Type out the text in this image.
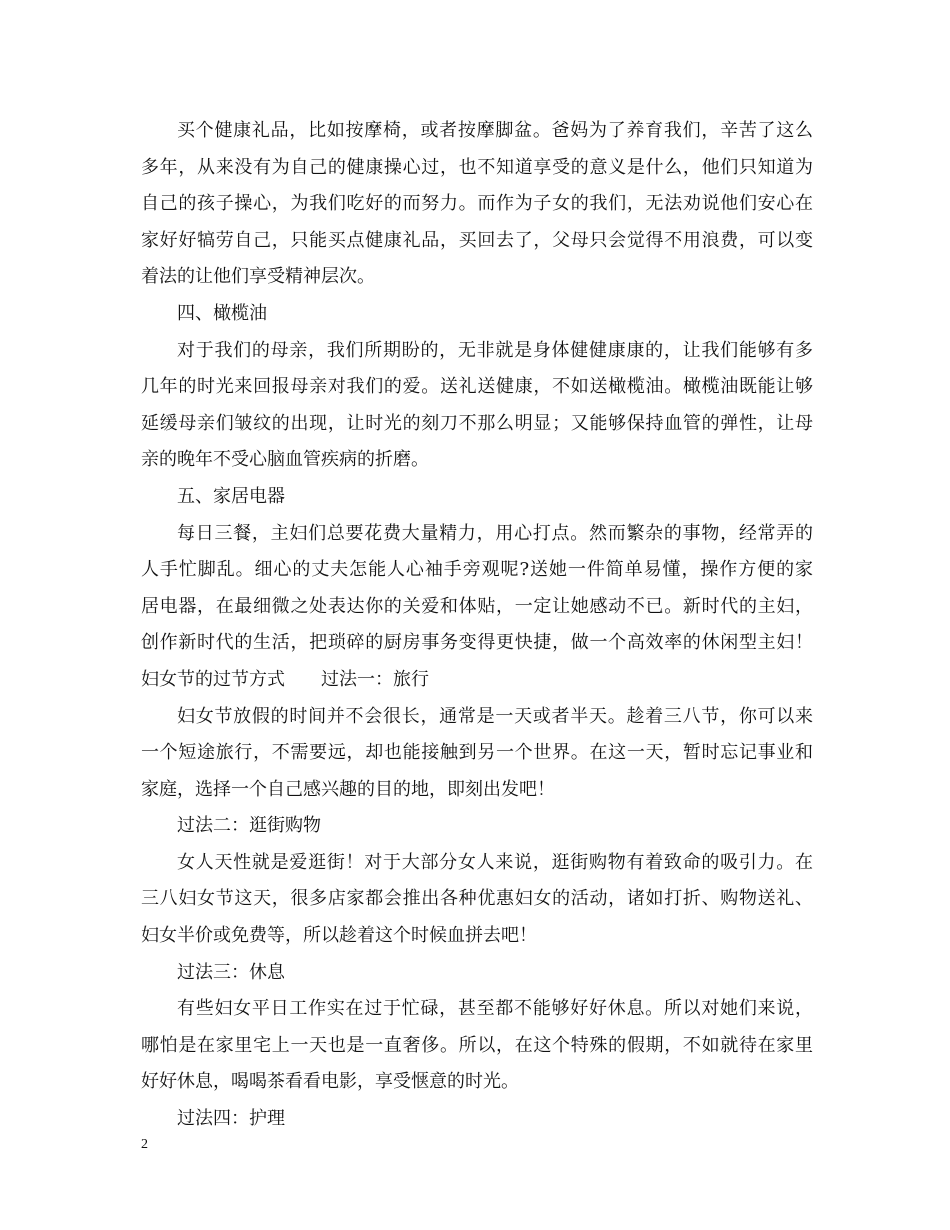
买个健康礼品，比如按摩椅，或者按摩脚盆。爸妈为了养育我们，辛苦了这么
多年，从来没有为自己的健康操心过，也不知道享受的意义是什么，他们只知道为
自己的孩子操心，为我们吃好的而努力。而作为子女的我们，无法劝说他们安心在
家好好犒劳自己，只能买点健康礼品，买回去了，父母只会觉得不用浪费，可以变
着法的让他们享受精神层次。
四、橄榄油
对于我们的母亲，我们所期盼的，无非就是身体健健康康的，让我们能够有多
几年的时光来回报母亲对我们的爱。送礼送健康，不如送橄榄油。橄榄油既能让够
延缓母亲们皱纹的出现，让时光的刻刀不那么明显；又能够保持血管的弹性，让母
亲的晚年不受心脑血管疾病的折磨。
五、家居电器
每日三餐，主妇们总要花费大量精力，用心打点。然而繁杂的事物，经常弄的
人手忙脚乱。细心的丈夫怎能人心袖手旁观呢?送她一件简单易懂，操作方便的家
居电器，在最细微之处表达你的关爱和体贴，一定让她感动不已。新时代的主妇，
创作新时代的生活，把琐碎的厨房事务变得更快捷，做一个高效率的休闲型主妇！
妇女节的过节方式 过法一：旅行
妇女节放假的时间并不会很长，通常是一天或者半天。趁着三八节，你可以来
一个短途旅行，不需要远，却也能接触到另一个世界。在这一天，暂时忘记事业和
家庭，选择一个自己感兴趣的目的地，即刻出发吧！
过法二：逛街购物
女人天性就是爱逛街！对于大部分女人来说，逛街购物有着致命的吸引力。在
三八妇女节这天，很多店家都会推出各种优惠妇女的活动，诸如打折、购物送礼、
妇女半价或免费等，所以趁着这个时候血拼去吧！
过法三：休息
有些妇女平日工作实在过于忙碌，甚至都不能够好好休息。所以对她们来说，
哪怕是在家里宅上一天也是一直奢侈。所以，在这个特殊的假期，不如就待在家里
好好休息，喝喝茶看看电影，享受惬意的时光。
过法四：护理
2
